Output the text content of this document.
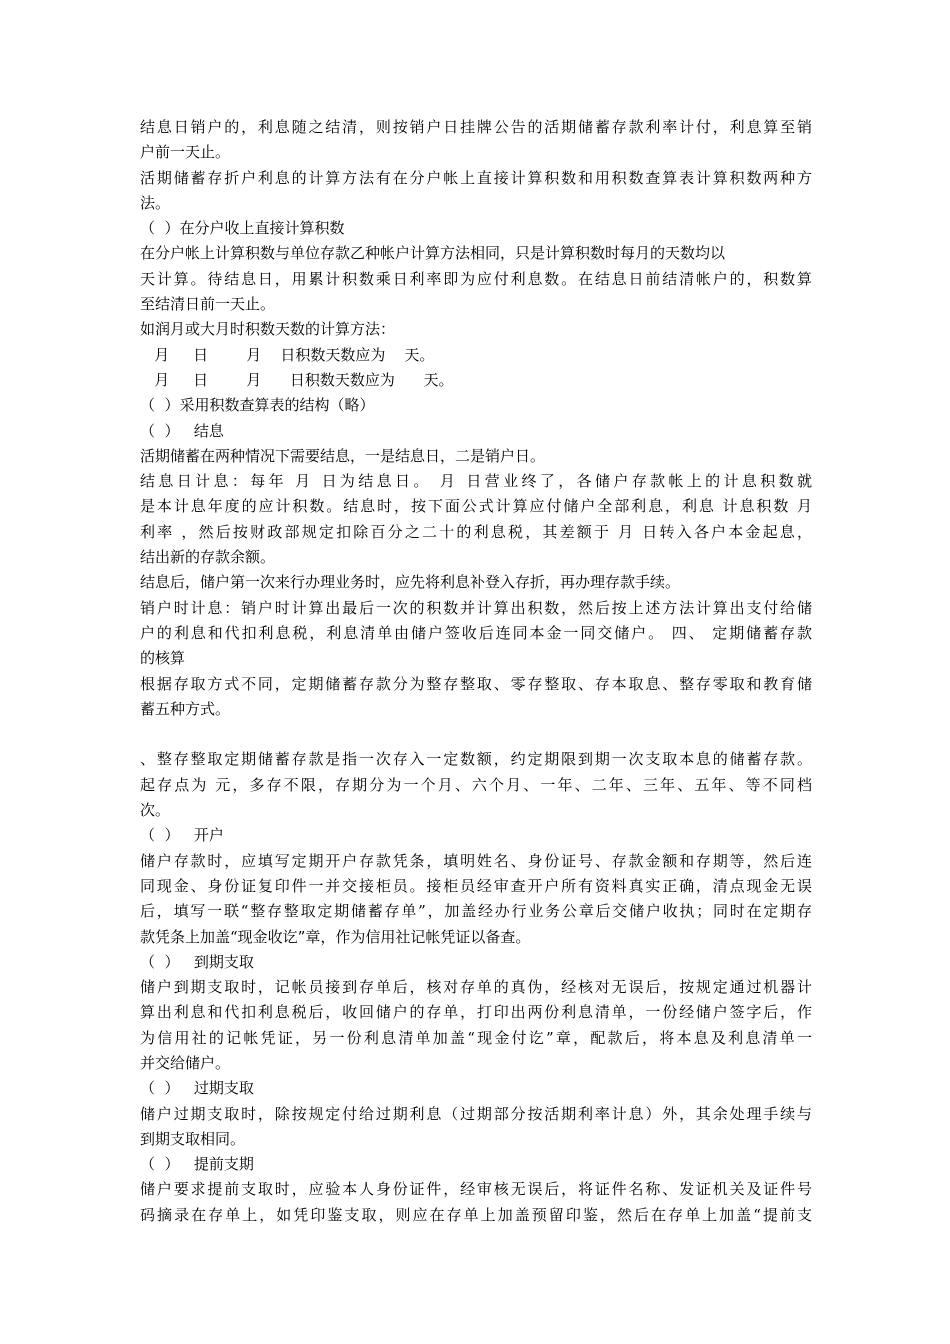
结息日销户的，利息随之结清，则按销户日挂牌公告的活期储蓄存款利率计付，利息算至销
户前一天止。
活期储蓄存折户利息的计算方法有在分户帐上直接计算积数和用积数查算表计算积数两种方
法。
（  ）在分户收上直接计算积数
在分户帐上计算积数与单位存款乙种帐户计算方法相同，只是计算积数时每月的天数均以
天计算。待结息日，用累计积数乘日利率即为应付利息数。在结息日前结清帐户的，积数算
至结清日前一天止。
如润月或大月时积数天数的计算方法：
月     日        月    日积数天数应为    天。
月     日        月      日积数天数应为      天。
（  ）采用积数查算表的结构（略）
（  ）   结息
活期储蓄在两种情况下需要结息，一是结息日，二是销户日。
结息日计息：每年 月 日为结息日。 月 日营业终了，各储户存款帐上的计息积数就
是本计息年度的应计积数。结息时，按下面公式计算应付储户全部利息，利息 计息积数 月
利率 ，然后按财政部规定扣除百分之二十的利息税，其差额于 月 日转入各户本金起息，
结出新的存款余额。
结息后，储户第一次来行办理业务时，应先将利息补登入存折，再办理存款手续。
销户时计息：销户时计算出最后一次的积数并计算出积数，然后按上述方法计算出支付给储
户的利息和代扣利息税，利息清单由储户签收后连同本金一同交储户。 四、 定期储蓄存款
的核算
根据存取方式不同，定期储蓄存款分为整存整取、零存整取、存本取息、整存零取和教育储
蓄五种方式。
、整存整取定期储蓄存款是指一次存入一定数额，约定期限到期一次支取本息的储蓄存款。
起存点为 元，多存不限，存期分为一个月、六个月、一年、二年、三年、五年、等不同档
次。
（  ）   开户
储户存款时，应填写定期开户存款凭条，填明姓名、身份证号、存款金额和存期等，然后连
同现金、身份证复印件一并交接柜员。接柜员经审查开户所有资料真实正确，清点现金无误
后，填写一联“整存整取定期储蓄存单”，加盖经办行业务公章后交储户收执；同时在定期存
款凭条上加盖“现金收讫”章，作为信用社记帐凭证以备查。
（  ）   到期支取
储户到期支取时，记帐员接到存单后，核对存单的真伪，经核对无误后，按规定通过机器计
算出利息和代扣利息税后，收回储户的存单，打印出两份利息清单，一份经储户签字后，作
为信用社的记帐凭证，另一份利息清单加盖“现金付讫”章，配款后，将本息及利息清单一
并交给储户。
（  ）   过期支取
储户过期支取时，除按规定付给过期利息（过期部分按活期利率计息）外，其余处理手续与
到期支取相同。
（  ）   提前支期
储户要求提前支取时，应验本人身份证件，经审核无误后，将证件名称、发证机关及证件号
码摘录在存单上，如凭印鉴支取，则应在存单上加盖预留印鉴，然后在存单上加盖“提前支
